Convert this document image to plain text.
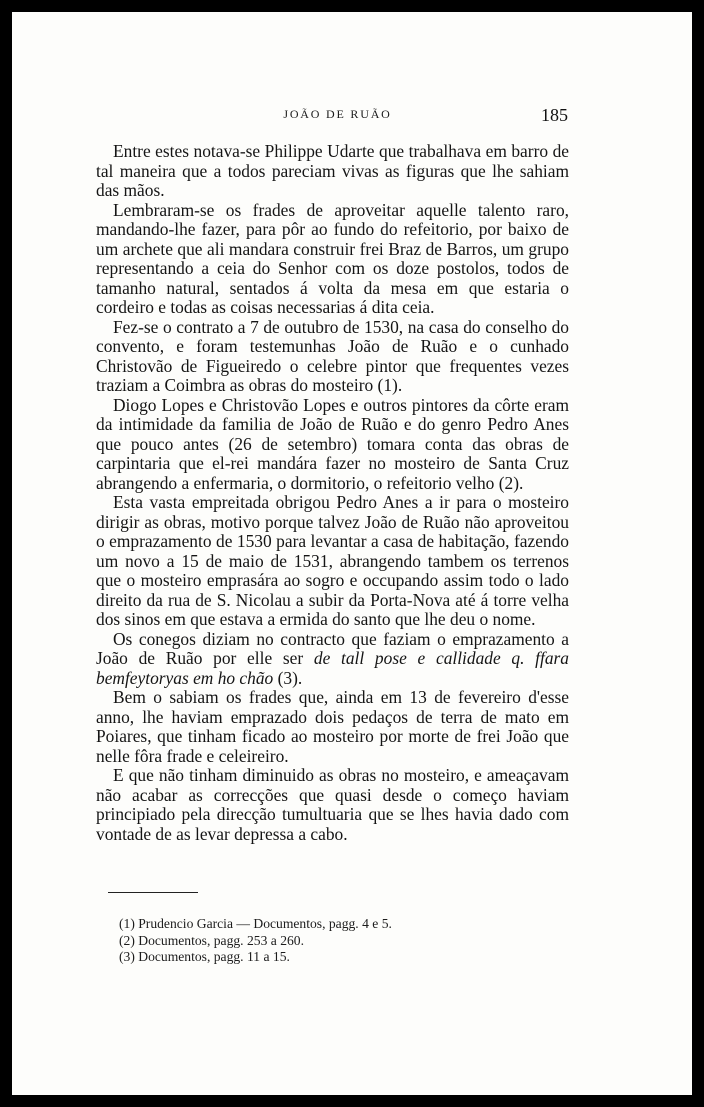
JOÃO DE RUÃO	185

Entre estes notava-se Philippe Udarte que trabalhava em barro de tal maneira que a todos pareciam vivas as figuras que lhe sahiam das mãos.

Lembraram-se os frades de aproveitar aquelle talento raro, mandando-lhe fazer, para pôr ao fundo do refeitorio, por baixo de um archete que ali mandara construir frei Braz de Barros, um grupo representando a ceia do Senhor com os doze postolos, todos de tamanho natural, sentados á volta da mesa em que estaria o cordeiro e todas as coisas necessarias á dita ceia.

Fez-se o contrato a 7 de outubro de 1530, na casa do conselho do convento, e foram testemunhas João de Ruão e o cunhado Christovão de Figueiredo o celebre pintor que frequentes vezes traziam a Coimbra as obras do mosteiro (1).

Diogo Lopes e Christovão Lopes e outros pintores da côrte eram da intimidade da familia de João de Ruão e do genro Pedro Anes que pouco antes (26 de setembro) tomara conta das obras de carpintaria que el-rei mandára fazer no mosteiro de Santa Cruz abrangendo a enfermaria, o dormitorio, o refeitorio velho (2).

Esta vasta empreitada obrigou Pedro Anes a ir para o mosteiro dirigir as obras, motivo porque talvez João de Ruão não aproveitou o emprazamento de 1530 para levantar a casa de habitação, fazendo um novo a 15 de maio de 1531, abrangendo tambem os terrenos que o mosteiro emprasára ao sogro e occupando assim todo o lado direito da rua de S. Nicolau a subir da Porta-Nova até á torre velha dos sinos em que estava a ermida do santo que lhe deu o nome.

Os conegos diziam no contracto que faziam o emprazamento a João de Ruão por elle ser de tall pose e callidade q. ffara bemfeytoryas em ho chão (3).

Bem o sabiam os frades que, ainda em 13 de fevereiro d'esse anno, lhe haviam emprazado dois pedaços de terra de mato em Poiares, que tinham ficado ao mosteiro por morte de frei João que nelle fôra frade e celeireiro.

E que não tinham diminuido as obras no mosteiro, e ameaçavam não acabar as correcções que quasi desde o começo haviam principiado pela direcção tumultuaria que se lhes havia dado com vontade de as levar depressa a cabo.

(1) Prudencio Garcia — Documentos, pagg. 4 e 5.

(2) Documentos, pagg. 253 a 260.

(3) Documentos, pagg. 11 a 15.
